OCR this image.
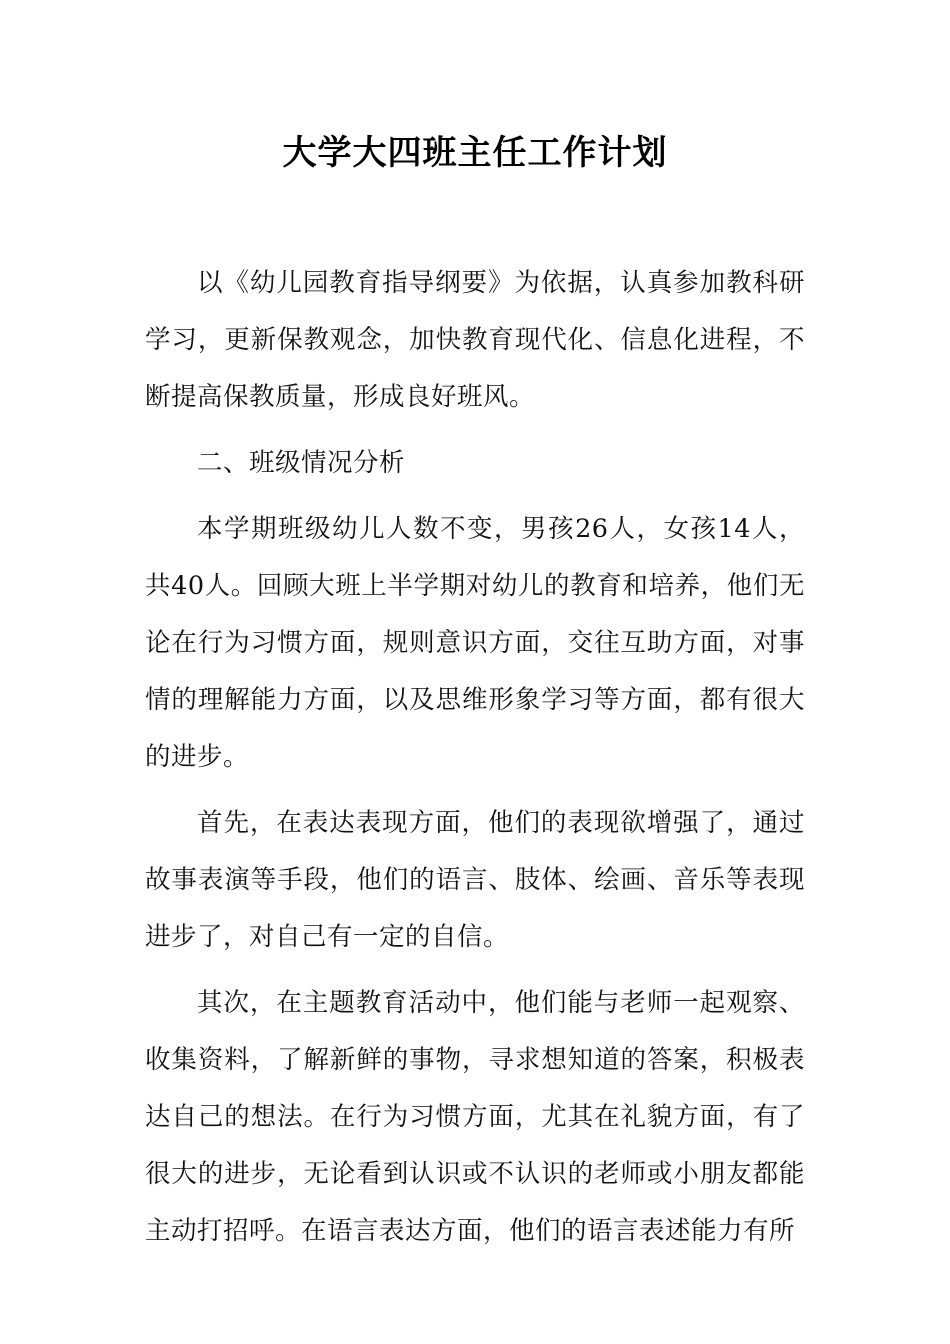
大学大四班主任工作计划

以《幼儿园教育指导纲要》为依据，认真参加教科研学习，更新保教观念，加快教育现代化、信息化进程，不断提高保教质量，形成良好班风。

二、班级情况分析

本学期班级幼儿人数不变，男孩26人，女孩14人，共40人。回顾大班上半学期对幼儿的教育和培养，他们无论在行为习惯方面，规则意识方面，交往互助方面，对事情的理解能力方面，以及思维形象学习等方面，都有很大的进步。

首先，在表达表现方面，他们的表现欲增强了，通过故事表演等手段，他们的语言、肢体、绘画、音乐等表现进步了，对自己有一定的自信。

其次，在主题教育活动中，他们能与老师一起观察、收集资料，了解新鲜的事物，寻求想知道的答案，积极表达自己的想法。在行为习惯方面，尤其在礼貌方面，有了很大的进步，无论看到认识或不认识的老师或小朋友都能主动打招呼。在语言表达方面，他们的语言表述能力有所
